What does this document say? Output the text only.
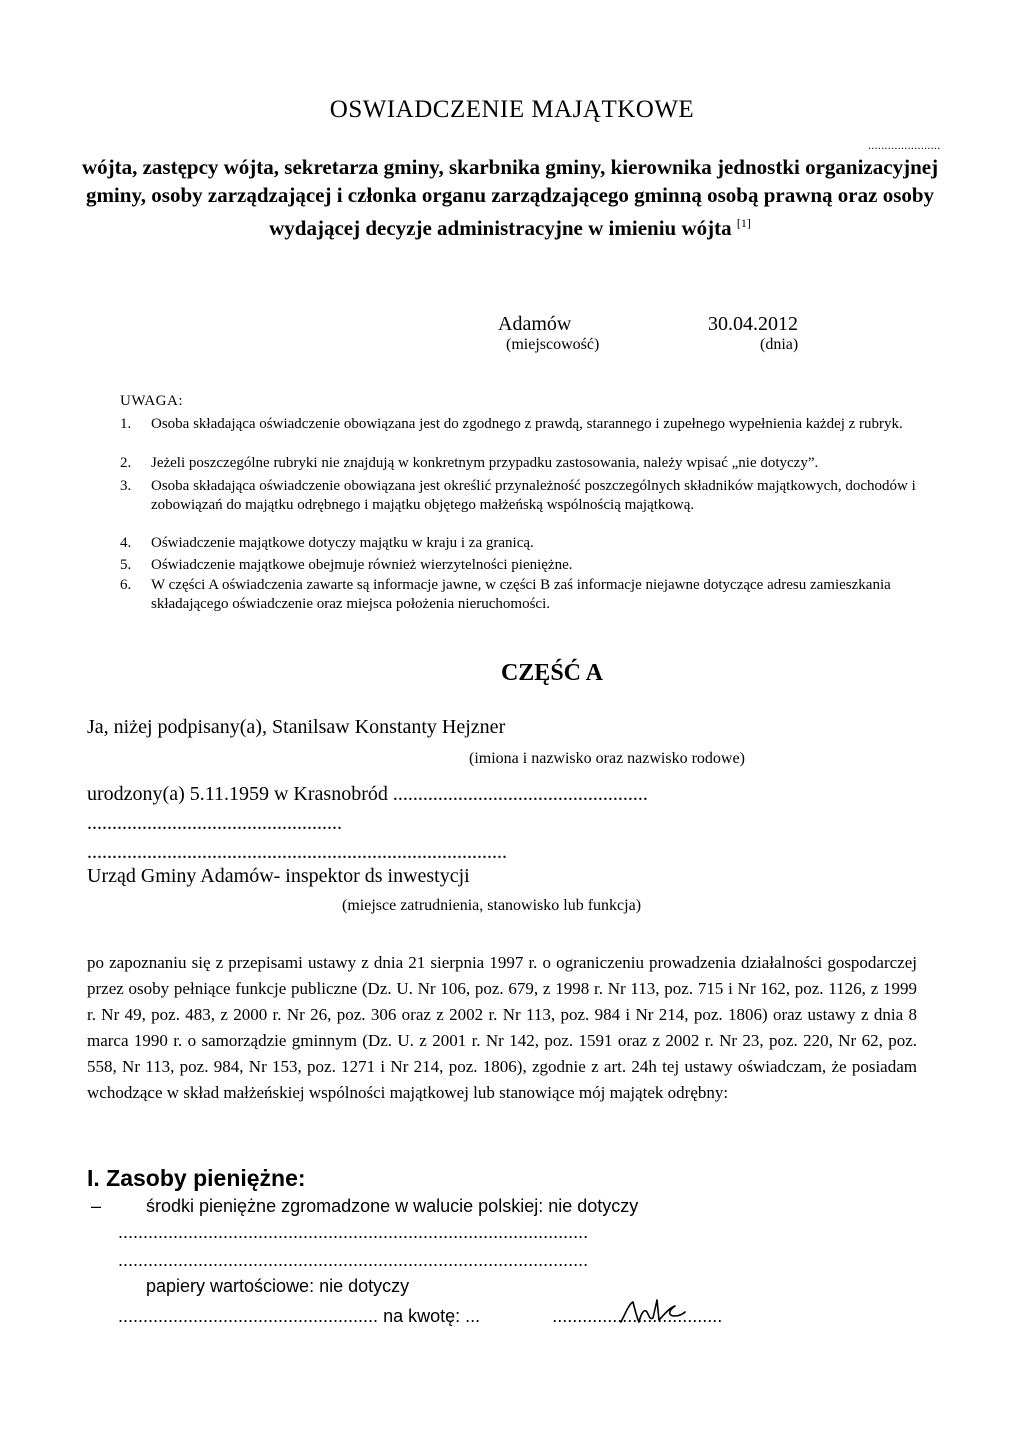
OSWIADCZENIE MAJĄTKOWE
......................
wójta, zastępcy wójta, sekretarza gminy, skarbnika gminy, kierownika jednostki organizacyjnej gminy, osoby zarządzającej i członka organu zarządzającego gminną osobą prawną oraz osoby wydającej decyzje administracyjne w imieniu wójta [1]
Adamów
(miejscowość)
30.04.2012
(dnia)
UWAGA:
1.	Osoba składająca oświadczenie obowiązana jest do zgodnego z prawdą, starannego i zupełnego wypełnienia każdej z rubryk.
2.	Jeżeli poszczególne rubryki nie znajdują w konkretnym przypadku zastosowania, należy wpisać „nie dotyczy”.
3.	Osoba składająca oświadczenie obowiązana jest określić przynależność poszczególnych składników majątkowych, dochodów i zobowiązań do majątku odrębnego i majątku objętego małżeńską wspólnością majątkową.
4.	Oświadczenie majątkowe dotyczy majątku w kraju i za granicą.
5.	Oświadczenie majątkowe obejmuje również wierzytelności pieniężne.
6.	W części A oświadczenia zawarte są informacje jawne, w części B zaś informacje niejawne dotyczące adresu zamieszkania składającego oświadczenie oraz miejsca położenia nieruchomości.
CZĘŚĆ A
Ja, niżej podpisany(a), Stanilsaw Konstanty Hejzner
(imiona i nazwisko oraz nazwisko rodowe)
urodzony(a) 5.11.1959 w Krasnobród ...................................................
...................................................
....................................................................................
Urząd Gminy Adamów- inspektor ds inwestycji
(miejsce zatrudnienia, stanowisko lub funkcja)
po zapoznaniu się z przepisami ustawy z dnia 21 sierpnia 1997 r. o ograniczeniu prowadzenia działalności gospodarczej przez osoby pełniące funkcje publiczne (Dz. U. Nr 106, poz. 679, z 1998 r. Nr 113, poz. 715 i Nr 162, poz. 1126, z 1999 r. Nr 49, poz. 483, z 2000 r. Nr 26, poz. 306 oraz z 2002 r. Nr 113, poz. 984 i Nr 214, poz. 1806) oraz ustawy z dnia 8 marca 1990 r. o samorządzie gminnym (Dz. U. z 2001 r. Nr 142, poz. 1591 oraz z 2002 r. Nr 23, poz. 220, Nr 62, poz. 558, Nr 113, poz. 984, Nr 153, poz. 1271 i Nr 214, poz. 1806), zgodnie z art. 24h tej ustawy oświadczam, że posiadam wchodzące w skład małżeńskiej wspólności majątkowej lub stanowiące mój majątek odrębny:
I. Zasoby pieniężne:
– środki pieniężne zgromadzone w walucie polskiej: nie dotyczy
..............................................................................................
..............................................................................................
papiery wartościowe: nie dotyczy
.................................................... na kwotę: ...	..................................
